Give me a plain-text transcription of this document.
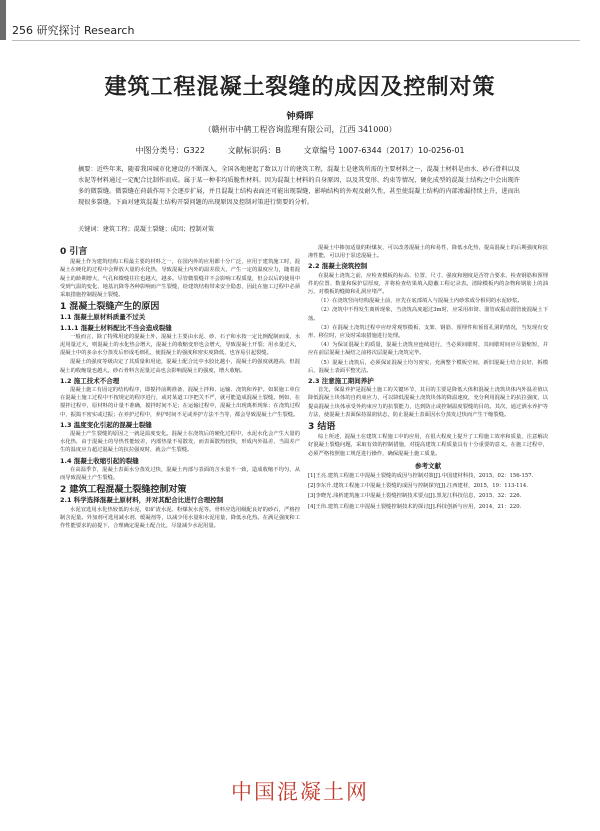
256 研究探讨 Research
建筑工程混凝土裂缝的成因及控制对策
钟舜晖
（赣州市中鹤工程咨询监理有限公司，江西 341000）
中图分类号：G322	文献标识码：B	文章编号 1007-6344（2017）10-0256-01
摘要：近些年来，随着我国城市化建设的不断深入，全国各地建起了数以万计的建筑工程，混凝土是建筑所需的主要材料之一，混凝土材料是由水、砂石骨料以及水泥等材料通过一定配合比制作而成。属于某一种非均质脆性材料。因为混凝土材料的自身原因，以及其变形、约束等情况，硬化成型的混凝土结构之中会出现许多的微裂缝。微裂缝在荷载作用下会逐步扩展，并且混凝土结构表面还可能出现裂缝，影响结构的外观及耐久性，甚至使混凝土结构的内部渗漏持续上升，进而出现很多裂缝。下面对建筑混凝土结构开裂问题的出现原因及控制对策进行简要的分析。
关键词：建筑工程；混凝土裂缝；成因；控制对策
0 引言

混凝土作为建筑结构工程最主要的材料之一，在国内外的应用都十分广泛，应用于建筑施工时，混凝土在硬化的过程中会释放大量的水化热，导致混凝土内外的温差很大，产生一定的温度应力，随着混凝土的龄期增大，气孔和微缝往往也越大，越多。尽管微裂缝并不会影响工程质量，但会以后的使用中受到气温的变化、地基沉降等各种影响而产生裂缝，给建筑结构带来安全隐患，因此在施工过程中必须采取措施控制混凝土裂缝。

1 混凝土裂缝产生的原因
1.1 混凝土原材料质量不过关
1.1.1 混凝土材料配比不当会造成裂缝

一般而言，除了特殊用途的混凝土外，混凝土主要由水泥、砂、石子和水按一定比例配制而成，水泥用量过大，则混凝土的水化热会增大，混凝土的收缩变形也会增大，导致混凝土开裂；用水量过大，混凝土中的多余水分蒸发后形成毛细孔，使混凝土的强度和密实度降低，也容易引起裂缝。

混凝土的强度等级决定了其质量和用途，混凝土配合比中水胶比越小，混凝土的强度就越高，但混凝土的收缩量也越大。砂石骨料含泥量过高也会影响混凝土的强度，增大收缩。

1.2 施工技术不合理

混凝土施工有固定的结构程序，即搅拌前期准备、混凝土拌和、运输、浇筑和养护。如果施工单位在混凝土施工过程中不按规定的程序进行，或对某道工序把关不严，就可能造成混凝土裂缝。例如，在搅拌过程中，原材料的计量不准确，搅拌时间不足；在运输过程中，混凝土出现离析现象；在浇筑过程中，振捣不密实或过振；在养护过程中，养护时间不足或养护方法不当等，都会导致混凝土产生裂缝。

1.3 温度变化引起的混凝土裂缝

混凝土产生裂缝的原因之一就是温度变化。混凝土在浇筑后的硬化过程中，水泥水化会产生大量的水化热，由于混凝土的导热性能较差，内部热量不易散发，而表面散热较快，形成内外温差，当温差产生的温度应力超过混凝土的抗拉强度时，就会产生裂缝。

1.4 混凝土收缩引起的裂缝

在高温季节，混凝土表面水分蒸发过快，混凝土内部与表面的含水量不一致，造成收缩不均匀，从而导致混凝土产生裂缝。

2 建筑工程混凝土裂缝控制对策
2.1 科学选择混凝土原材料，并对其配合比进行合理控制

水泥宜选用水化热较低的水泥，如矿渣水泥、粉煤灰水泥等。骨料应选用级配良好的砂石，严格控制含泥量。外加剂可选用减水剂、缓凝剂等，以减少用水量和水泥用量，降低水化热。在满足强度和工作性能要求的前提下，合理确定混凝土配合比，尽量减少水泥用量。

混凝土中掺加适量的粉煤灰，可以改善混凝土的和易性，降低水化热，提高混凝土的后期强度和抗渗性能，可以用于泵送混凝土。

2.2 混凝土浇筑控制

在混凝土浇筑之前，应检查模板的标高、位置、尺寸、强度和刚度是否符合要求，检查钢筋和预埋件的位置、数量和保护层厚度，并将检查结果填入隐蔽工程记录表。清除模板内的杂物和钢筋上的油污，对模板的缝隙和孔洞应堵严。

（1）在浇筑竖向结构混凝土前，应先在底部填入与混凝土内砂浆成分相同的水泥砂浆。

（2）浇筑中不得发生离析现象，当浇筑高度超过3m时，应采用串筒、溜管或振动溜管使混凝土下落。

（3）在混凝土浇筑过程中应经常观察模板、支架、钢筋、预埋件和预留孔洞的情况，当发现有变形、移位时，应及时采取措施进行处理。

（4）为保证混凝土的质量，混凝土浇筑应连续进行，当必须间歇时，其间歇时间应尽量缩短，并应在前层混凝土凝结之前将次层混凝土浇筑完毕。

（5）混凝土浇筑后，必须保证混凝土均匀密实，充满整个模板空间，新旧混凝土结合良好，拆模后，混凝土表面平整光洁。

2.3 注意施工期间养护

首先，保温养护是混凝土施工的关键环节，其目的主要是降低大体积混凝土浇筑块体内外温差值以降低混凝土块体的自约束应力，可以降低混凝土浇筑块体的降温速度，充分利用混凝土的抗拉强度，以提高混凝土块体承受外约束应力的抗裂能力，达到防止或控制温度裂缝的目的。其次，通过洒水养护等方法，使混凝土表面保持湿润状态，防止混凝土表面因水分蒸发过快而产生干缩裂缝。

3 结语

综上所述，混凝土在建筑工程施工中的应用，在很大程度上提升了工程施工效率和质量，注意解决好混凝土裂缝问题，采取有效的控制措施，对提高建筑工程质量具有十分重要的意义。在施工过程中，必须严格按照施工规范进行操作，确保混凝土施工质量。

参考文献

[1]王亮.建筑工程施工中混凝土裂缝的成因与控制对策[J].中国建材科技，2015，02：156-157.

[2]李东升.建筑工程施工中混凝土裂缝的成因与控制探究[J].江西建材，2015，19：113-114.

[3]李晓光.浅析建筑施工中混凝土裂缝控制技术要点[J].黑龙江科技信息，2015，32：226.

[4]王伟.建筑工程施工中混凝土裂缝控制技术的探讨[J].科技创新与应用，2014，21：220.

中国混凝土网
